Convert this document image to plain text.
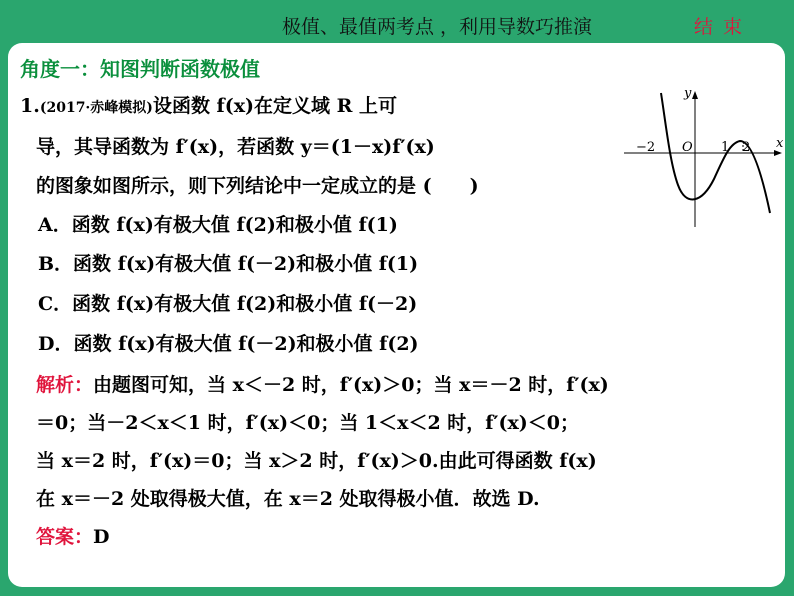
极值、最值两考点 ，利用导数巧推演	结束
角度一：知图判断函数极值
1.(2017·赤峰模拟)设函数 f(x)在定义域 R 上可
导，其导函数为 f′(x)，若函数 y＝(1－x)f′(x)
的图象如图所示，则下列结论中一定成立的是 (　　)
A．函数 f(x)有极大值 f(2)和极小值 f(1)
B．函数 f(x)有极大值 f(－2)和极小值 f(1)
C．函数 f(x)有极大值 f(2)和极小值 f(－2)
D．函数 f(x)有极大值 f(－2)和极小值 f(2)
解析：由题图可知，当 x＜－2 时，f′(x)＞0；当 x＝－2 时，f′(x)
＝0；当－2＜x＜1 时，f′(x)＜0；当 1＜x＜2 时，f′(x)＜0；
当 x＝2 时，f′(x)＝0；当 x＞2 时，f′(x)＞0.由此可得函数 f(x)
在 x＝－2 处取得极大值，在 x＝2 处取得极小值．故选 D.
答案：D
y
x
O
−2	1 2
